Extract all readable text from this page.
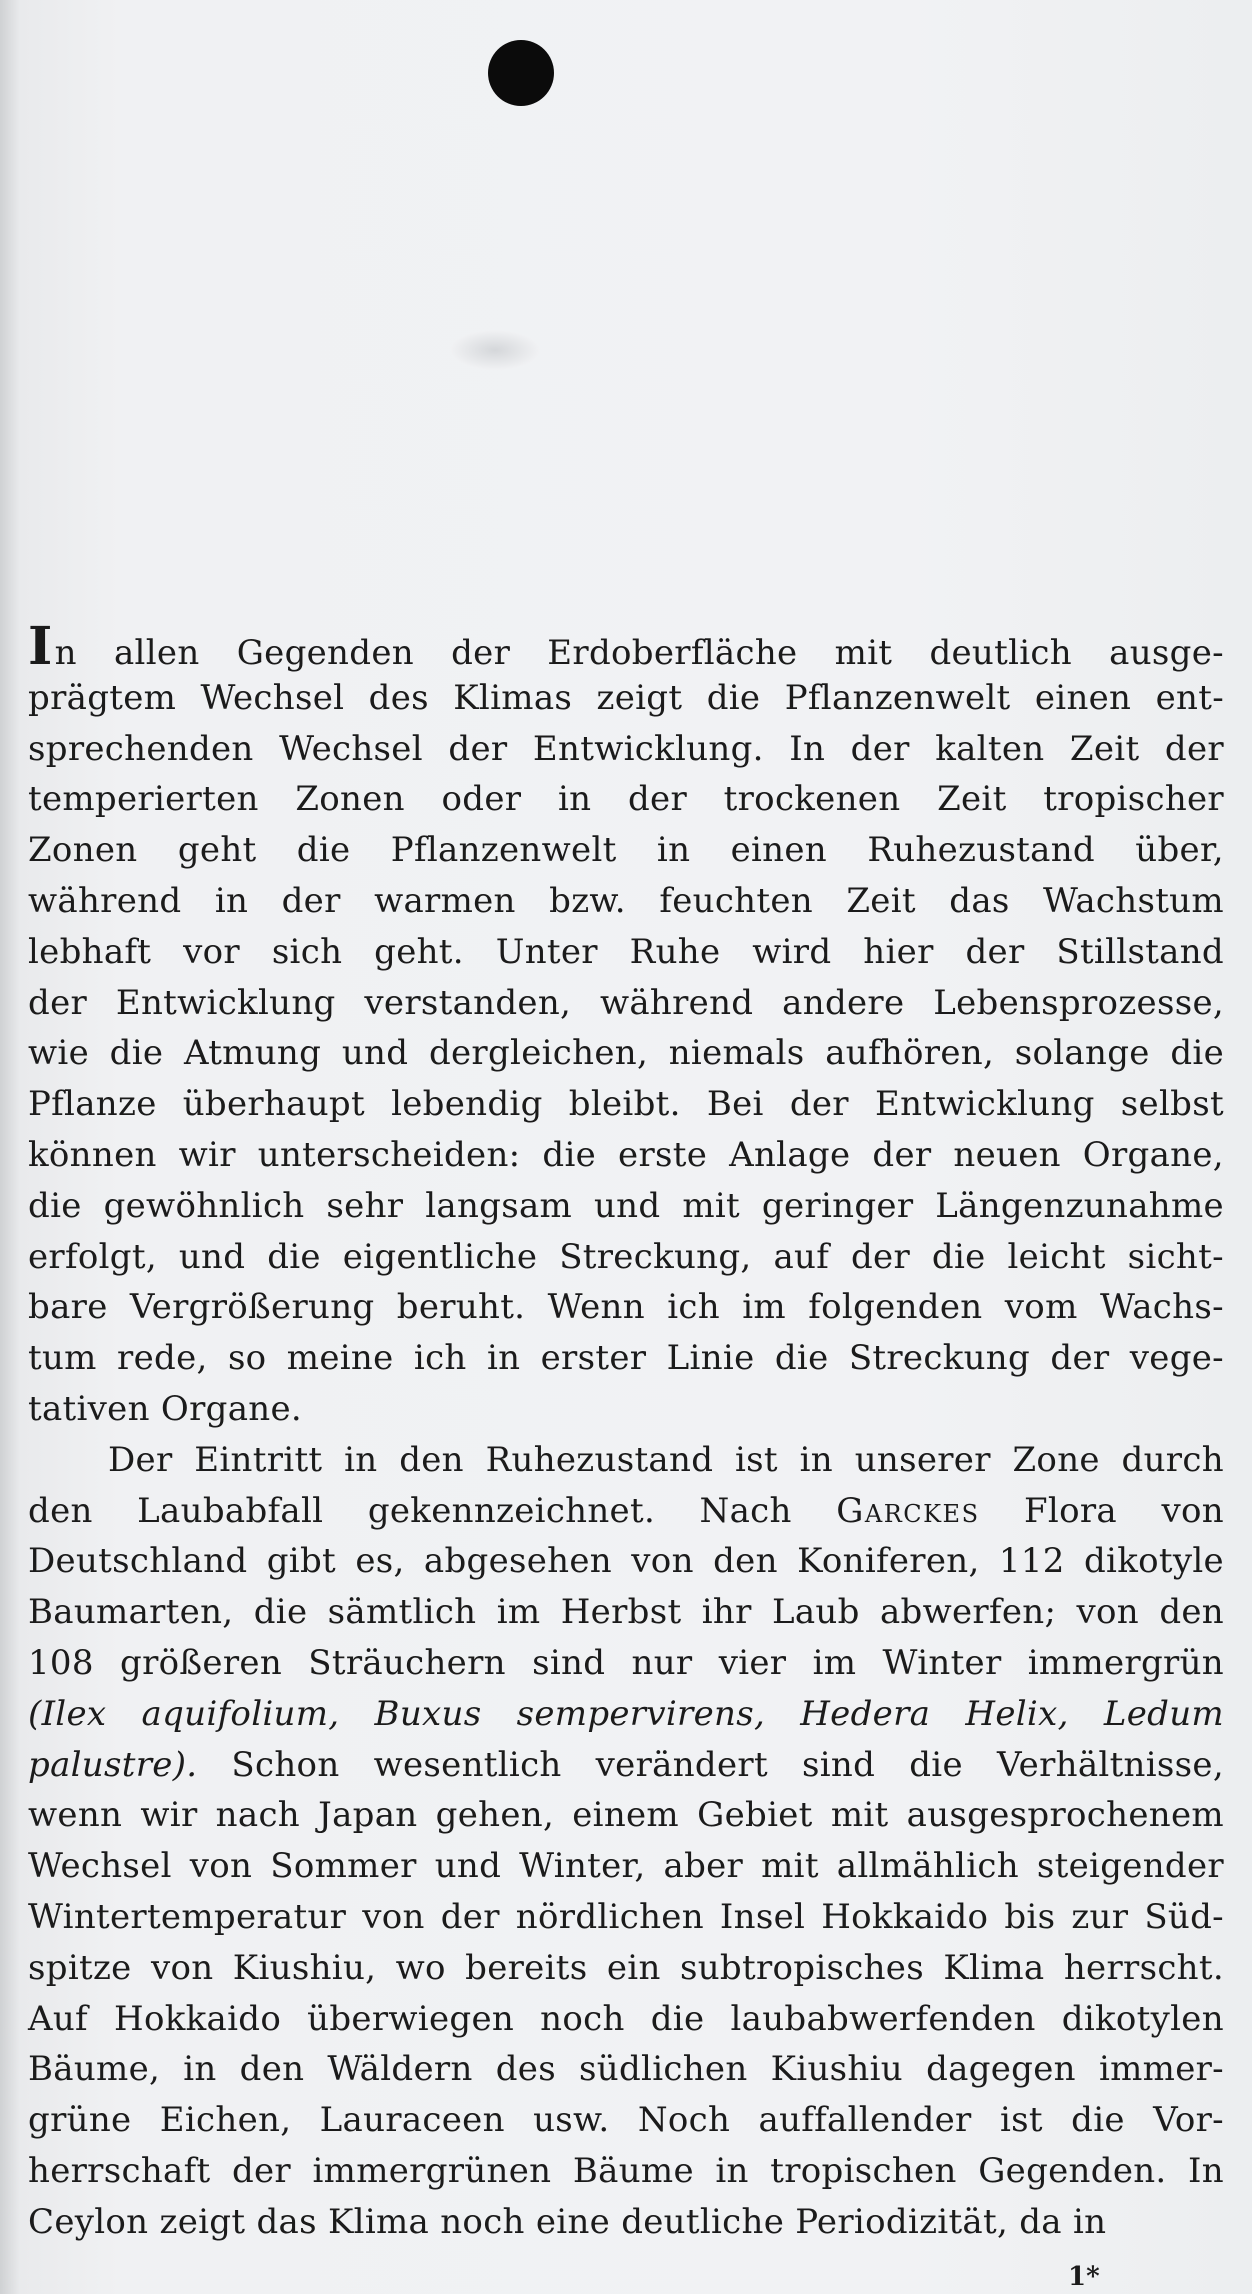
In allen Gegenden der Erdoberfläche mit deutlich ausge-
prägtem Wechsel des Klimas zeigt die Pflanzenwelt einen ent-
sprechenden Wechsel der Entwicklung. In der kalten Zeit der
temperierten Zonen oder in der trockenen Zeit tropischer
Zonen geht die Pflanzenwelt in einen Ruhezustand über,
während in der warmen bzw. feuchten Zeit das Wachstum
lebhaft vor sich geht. Unter Ruhe wird hier der Stillstand
der Entwicklung verstanden, während andere Lebensprozesse,
wie die Atmung und dergleichen, niemals aufhören, solange die
Pflanze überhaupt lebendig bleibt. Bei der Entwicklung selbst
können wir unterscheiden: die erste Anlage der neuen Organe,
die gewöhnlich sehr langsam und mit geringer Längenzunahme
erfolgt, und die eigentliche Streckung, auf der die leicht sicht-
bare Vergrößerung beruht. Wenn ich im folgenden vom Wachs-
tum rede, so meine ich in erster Linie die Streckung der vege-
tativen
Organe.
Der Eintritt in den Ruhezustand ist in unserer Zone durch
den Laubabfall gekennzeichnet. Nach Garckes Flora von
Deutschland gibt es, abgesehen von den Koniferen, 112 dikotyle
Baumarten, die sämtlich im Herbst ihr Laub abwerfen; von den
108 größeren Sträuchern sind nur vier im Winter immergrün
(Ilex aquifolium, Buxus sempervirens, Hedera Helix, Ledum
palustre). Schon wesentlich verändert sind die Verhältnisse,
wenn wir nach Japan gehen, einem Gebiet mit ausgesprochenem
Wechsel von Sommer und Winter, aber mit allmählich steigender
Wintertemperatur von der nördlichen Insel Hokkaido bis zur Süd-
spitze von Kiushiu, wo bereits ein subtropisches Klima herrscht.
Auf Hokkaido überwiegen noch die laubabwerfenden dikotylen
Bäume, in den Wäldern des südlichen Kiushiu dagegen immer-
grüne Eichen, Lauraceen usw. Noch auffallender ist die Vor-
herrschaft der immergrünen Bäume in tropischen Gegenden. In
Ceylon
zeigt
das
Klima
noch
eine
deutliche
Periodizität,
da
in
1*
